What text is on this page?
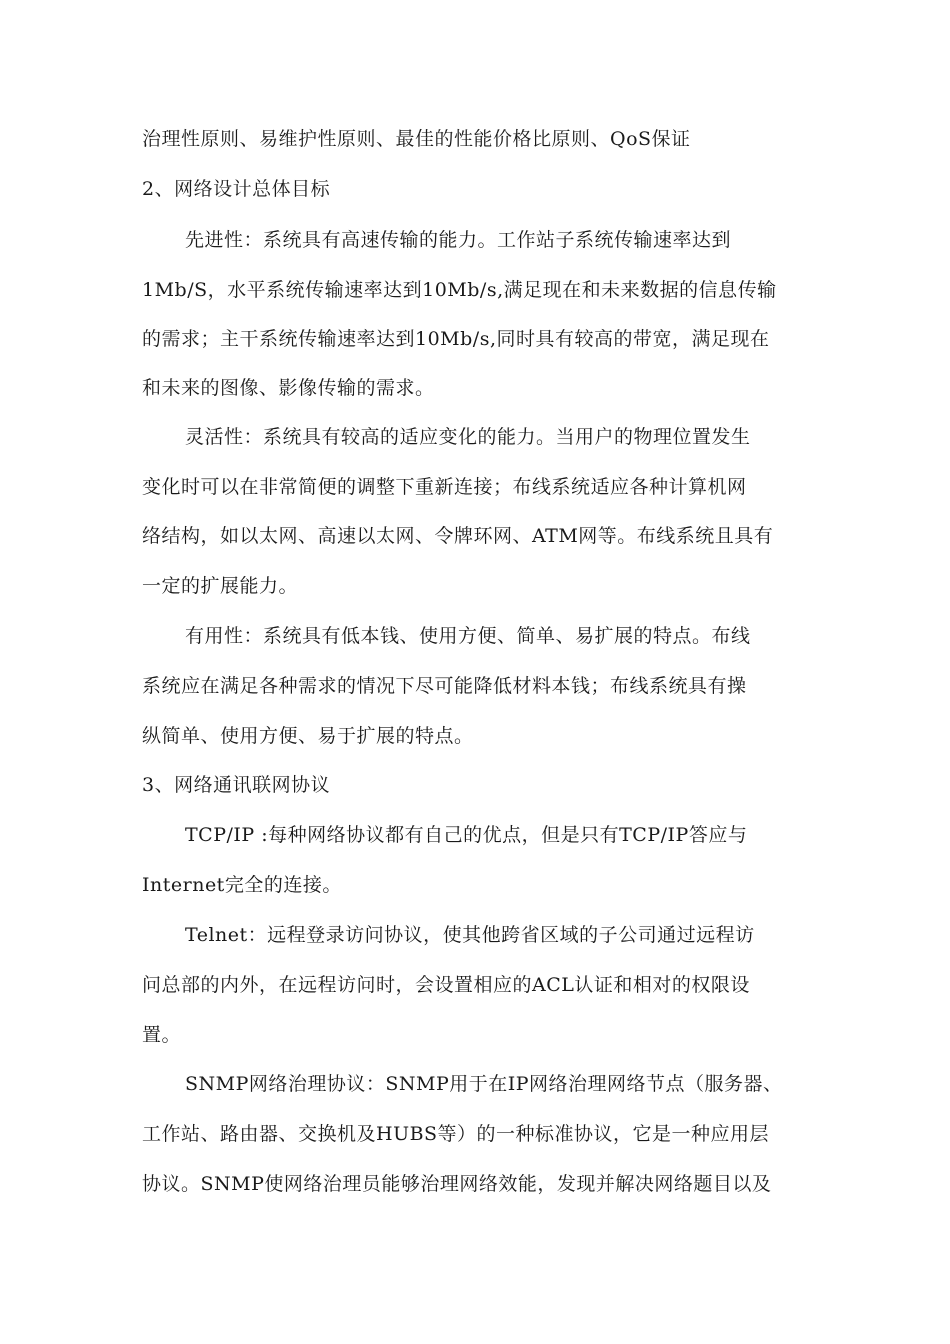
治理性原则、易维护性原则、最佳的性能价格比原则、QoS保证
2、网络设计总体目标
先进性：系统具有高速传输的能力。工作站子系统传输速率达到
1Mb/S，水平系统传输速率达到10Mb/s,满足现在和未来数据的信息传输
的需求；主干系统传输速率达到10Mb/s,同时具有较高的带宽，满足现在
和未来的图像、影像传输的需求。
灵活性：系统具有较高的适应变化的能力。当用户的物理位置发生
变化时可以在非常简便的调整下重新连接；布线系统适应各种计算机网
络结构，如以太网、高速以太网、令牌环网、ATM网等。布线系统且具有
一定的扩展能力。
有用性：系统具有低本钱、使用方便、简单、易扩展的特点。布线
系统应在满足各种需求的情况下尽可能降低材料本钱；布线系统具有操
纵简单、使用方便、易于扩展的特点。
3、网络通讯联网协议
TCP/IP :每种网络协议都有自己的优点，但是只有TCP/IP答应与
Internet完全的连接。
Telnet：远程登录访问协议，使其他跨省区域的子公司通过远程访
问总部的内外，在远程访问时，会设置相应的ACL认证和相对的权限设
置。
SNMP网络治理协议：SNMP用于在IP网络治理网络节点（服务器、
工作站、路由器、交换机及HUBS等）的一种标准协议，它是一种应用层
协议。SNMP使网络治理员能够治理网络效能，发现并解决网络题目以及
